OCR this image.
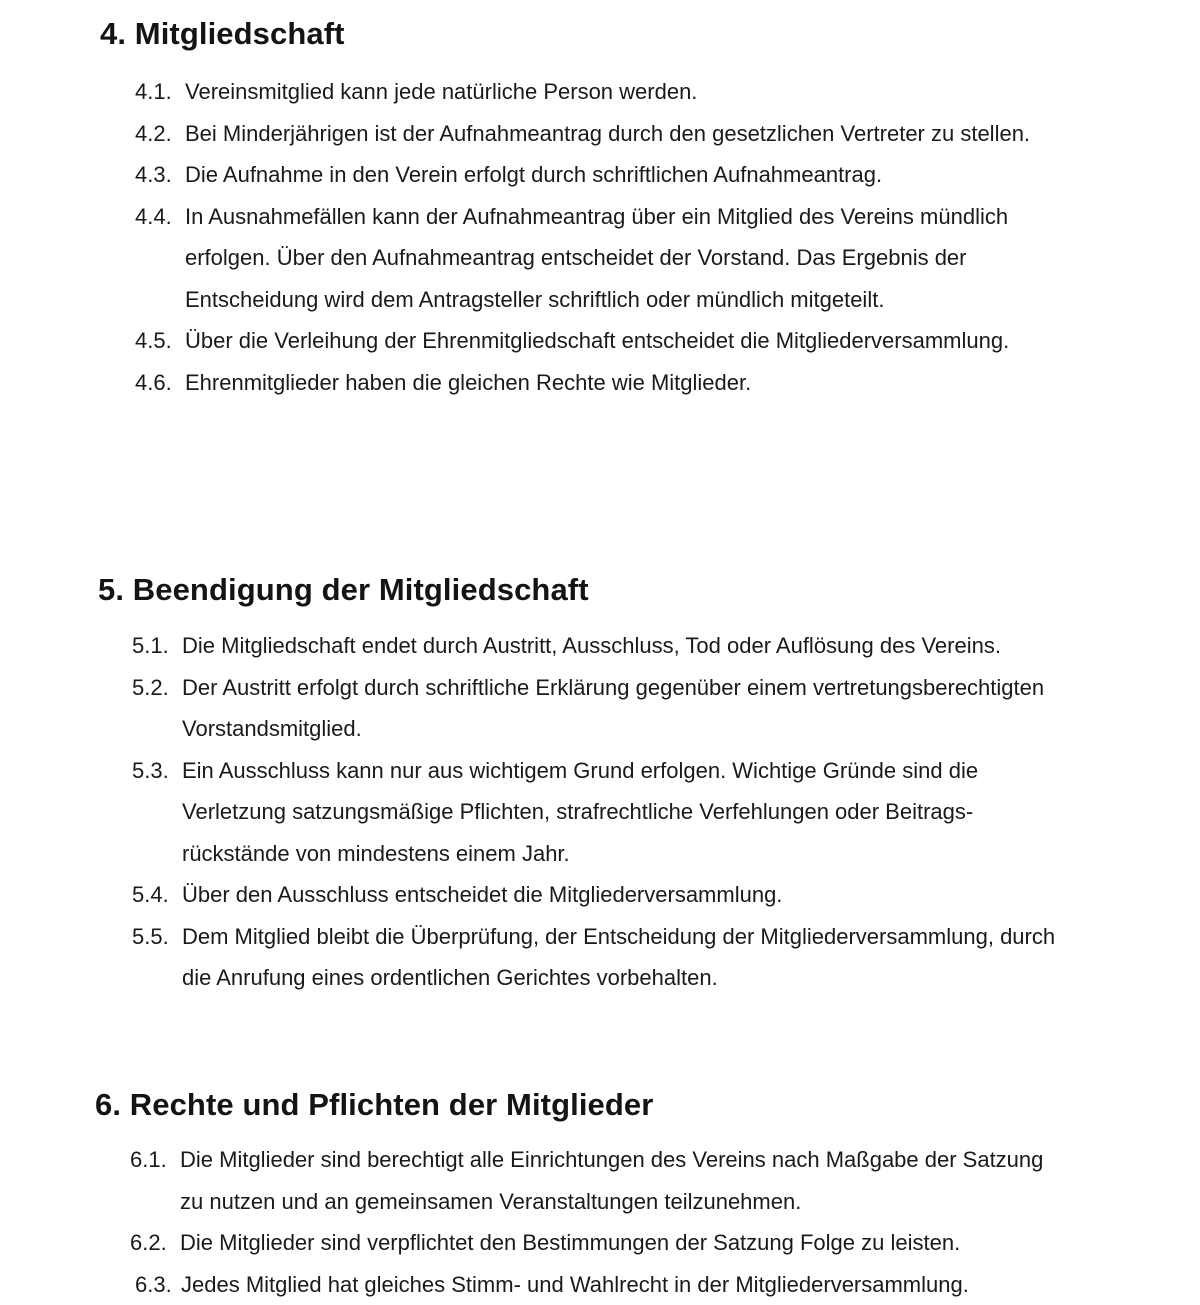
4. Mitgliedschaft
4.1. Vereinsmitglied kann jede natürliche Person werden.
4.2. Bei Minderjährigen ist der Aufnahmeantrag durch den gesetzlichen Vertreter zu stellen.
4.3. Die Aufnahme in den Verein erfolgt durch schriftlichen Aufnahmeantrag.
4.4. In Ausnahmefällen kann der Aufnahmeantrag über ein Mitglied des Vereins mündlich erfolgen. Über den Aufnahmeantrag entscheidet der Vorstand. Das Ergebnis der Entscheidung wird dem Antragsteller schriftlich oder mündlich mitgeteilt.
4.5. Über die Verleihung der Ehrenmitgliedschaft entscheidet die Mitgliederversammlung.
4.6. Ehrenmitglieder haben die gleichen Rechte wie Mitglieder.
5. Beendigung der Mitgliedschaft
5.1. Die Mitgliedschaft endet durch Austritt, Ausschluss, Tod oder Auflösung des Vereins.
5.2. Der Austritt erfolgt durch schriftliche Erklärung gegenüber einem vertretungsberechtigten Vorstandsmitglied.
5.3. Ein Ausschluss kann nur aus wichtigem Grund erfolgen. Wichtige Gründe sind die Verletzung satzungsmäßige Pflichten, strafrechtliche Verfehlungen oder Beitragsrückstände von mindestens einem Jahr.
5.4. Über den Ausschluss entscheidet die Mitgliederversammlung.
5.5. Dem Mitglied bleibt die Überprüfung, der Entscheidung der Mitgliederversammlung, durch die Anrufung eines ordentlichen Gerichtes vorbehalten.
6. Rechte und Pflichten der Mitglieder
6.1. Die Mitglieder sind berechtigt alle Einrichtungen des Vereins nach Maßgabe der Satzung zu nutzen und an gemeinsamen Veranstaltungen teilzunehmen.
6.2. Die Mitglieder sind verpflichtet den Bestimmungen der Satzung Folge zu leisten.
6.3. Jedes Mitglied hat gleiches Stimm- und Wahlrecht in der Mitgliederversammlung.
